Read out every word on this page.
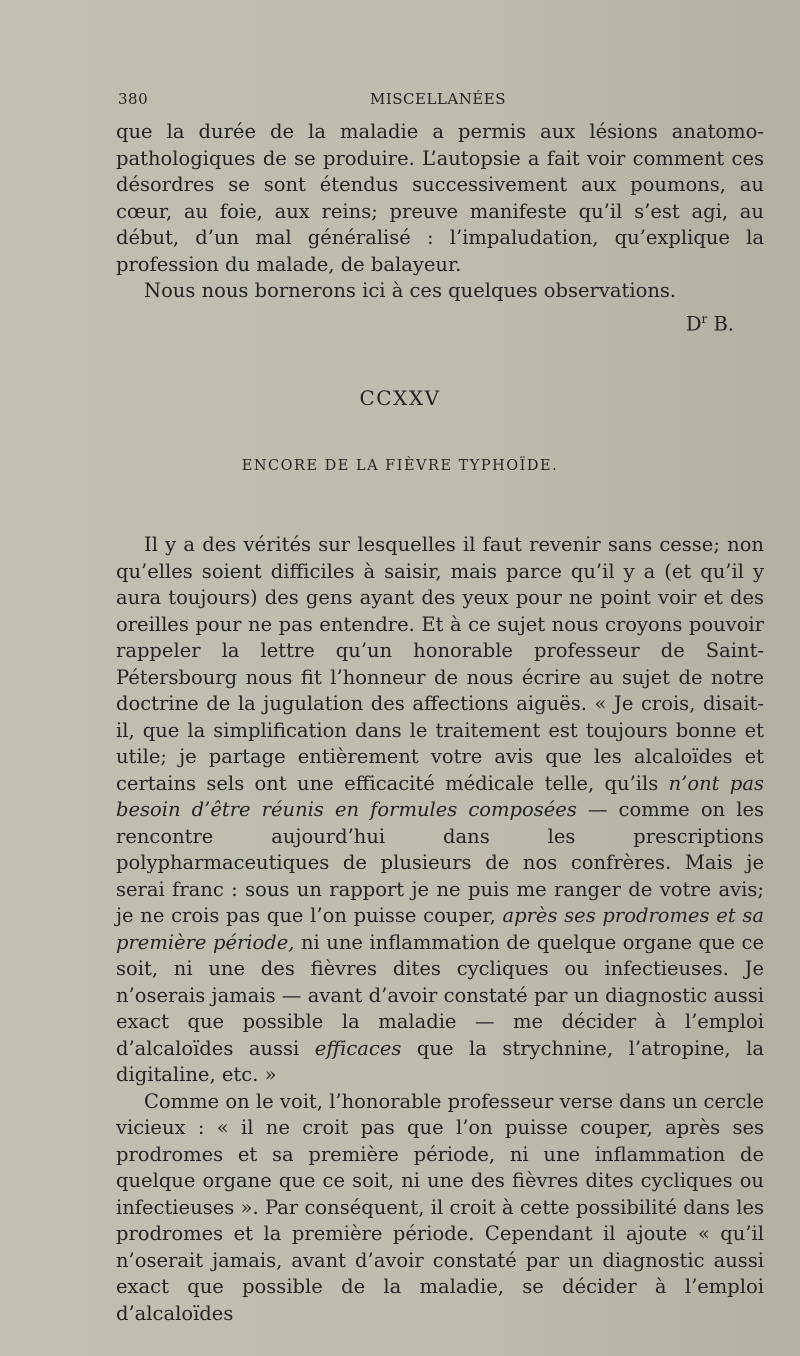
380	MISCELLANÉES

que la durée de la maladie a permis aux lésions anatomo-pathologiques de se produire. L’autopsie a fait voir comment ces désordres se sont étendus successivement aux poumons, au cœur, au foie, aux reins; preuve manifeste qu’il s’est agi, au début, d’un mal généralisé : l’impaludation, qu’explique la profession du malade, de balayeur.

Nous nous bornerons ici à ces quelques observations.

$D^r$ B.

CCXXV
ENCORE DE LA FIÈVRE TYPHOÏDE.

Il y a des vérités sur lesquelles il faut revenir sans cesse; non qu’elles soient difficiles à saisir, mais parce qu’il y a (et qu’il y aura toujours) des gens ayant des yeux pour ne point voir et des oreilles pour ne pas entendre. Et à ce sujet nous croyons pouvoir rappeler la lettre qu’un honorable professeur de Saint-Pétersbourg nous fit l’honneur de nous écrire au sujet de notre doctrine de la jugulation des affections aiguës. « Je crois, disait-il, que la simplification dans le traitement est toujours bonne et utile; je partage entièrement votre avis que les alcaloïdes et certains sels ont une efficacité médicale telle, qu’ils n’ont pas besoin d’être réunis en formules composées — comme on les rencontre aujourd’hui dans les prescriptions polypharmaceutiques de plusieurs de nos confrères. Mais je serai franc : sous un rapport je ne puis me ranger de votre avis; je ne crois pas que l’on puisse couper, après ses prodromes et sa première période, ni une inflammation de quelque organe que ce soit, ni une des fièvres dites cycliques ou infectieuses. Je n’oserais jamais — avant d’avoir constaté par un diagnostic aussi exact que possible la maladie — me décider à l’emploi d’alcaloïdes aussi efficaces que la strychnine, l’atropine, la digitaline, etc. »

Comme on le voit, l’honorable professeur verse dans un cercle vicieux : « il ne croit pas que l’on puisse couper, après ses prodromes et sa première période, ni une inflammation de quelque organe que ce soit, ni une des fièvres dites cycliques ou infectieuses ». Par conséquent, il croit à cette possibilité dans les prodromes et la première période. Cependant il ajoute « qu’il n’oserait jamais, avant d’avoir constaté par un diagnostic aussi exact que possible de la maladie, se décider à l’emploi d’alcaloïdes
